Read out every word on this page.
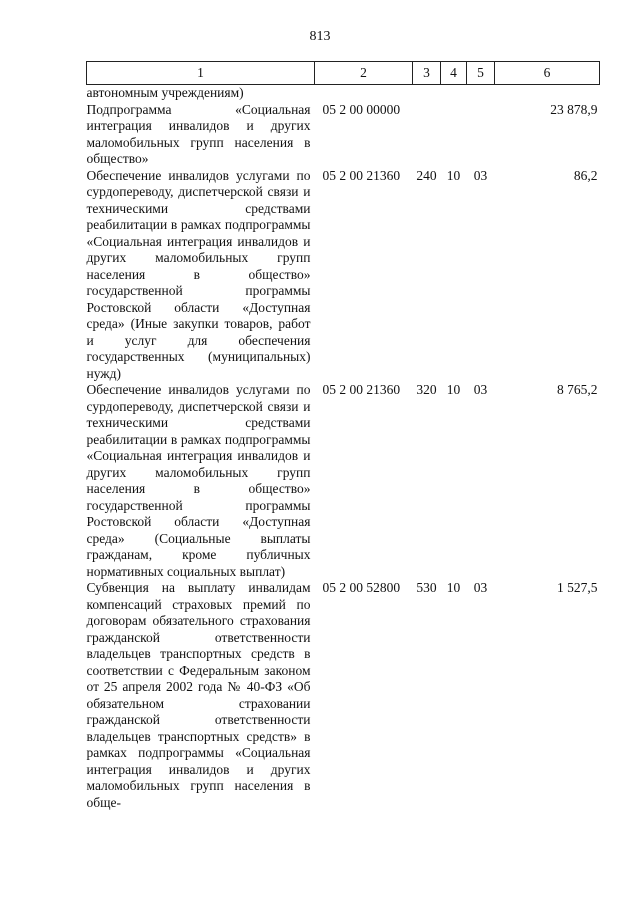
813
1	2	3	4	5	6
автономным учреждениям)					
Подпрограмма «Социальная интеграция инвалидов и других маломобильных групп населения в общество»	05 2 00 00000				23 878,9
Обеспечение инвалидов услугами по сурдопереводу, диспетчерской связи и техническими средствами реабилитации в рамках подпрограммы «Социальная интеграция инвалидов и других маломобильных групп населения в общество» государственной программы Ростовской области «Доступная среда» (Иные закупки товаров, работ и услуг для обеспечения государственных (муниципальных) нужд)	05 2 00 21360	240	10	03	86,2
Обеспечение инвалидов услугами по сурдопереводу, диспетчерской связи и техническими средствами реабилитации в рамках подпрограммы «Социальная интеграция инвалидов и других маломобильных групп населения в общество» государственной программы Ростовской области «Доступная среда» (Социальные выплаты гражданам, кроме публичных нормативных социальных выплат)	05 2 00 21360	320	10	03	8 765,2
Субвенция на выплату инвалидам компенсаций страховых премий по договорам обязательного страхования гражданской ответственности владельцев транспортных средств в соответствии с Федеральным законом от 25 апреля 2002 года № 40-ФЗ «Об обязательном страховании гражданской ответственности владельцев транспортных средств» в рамках подпрограммы «Социальная интеграция инвалидов и других маломобильных групп населения в обще-	05 2 00 52800	530	10	03	1 527,5
